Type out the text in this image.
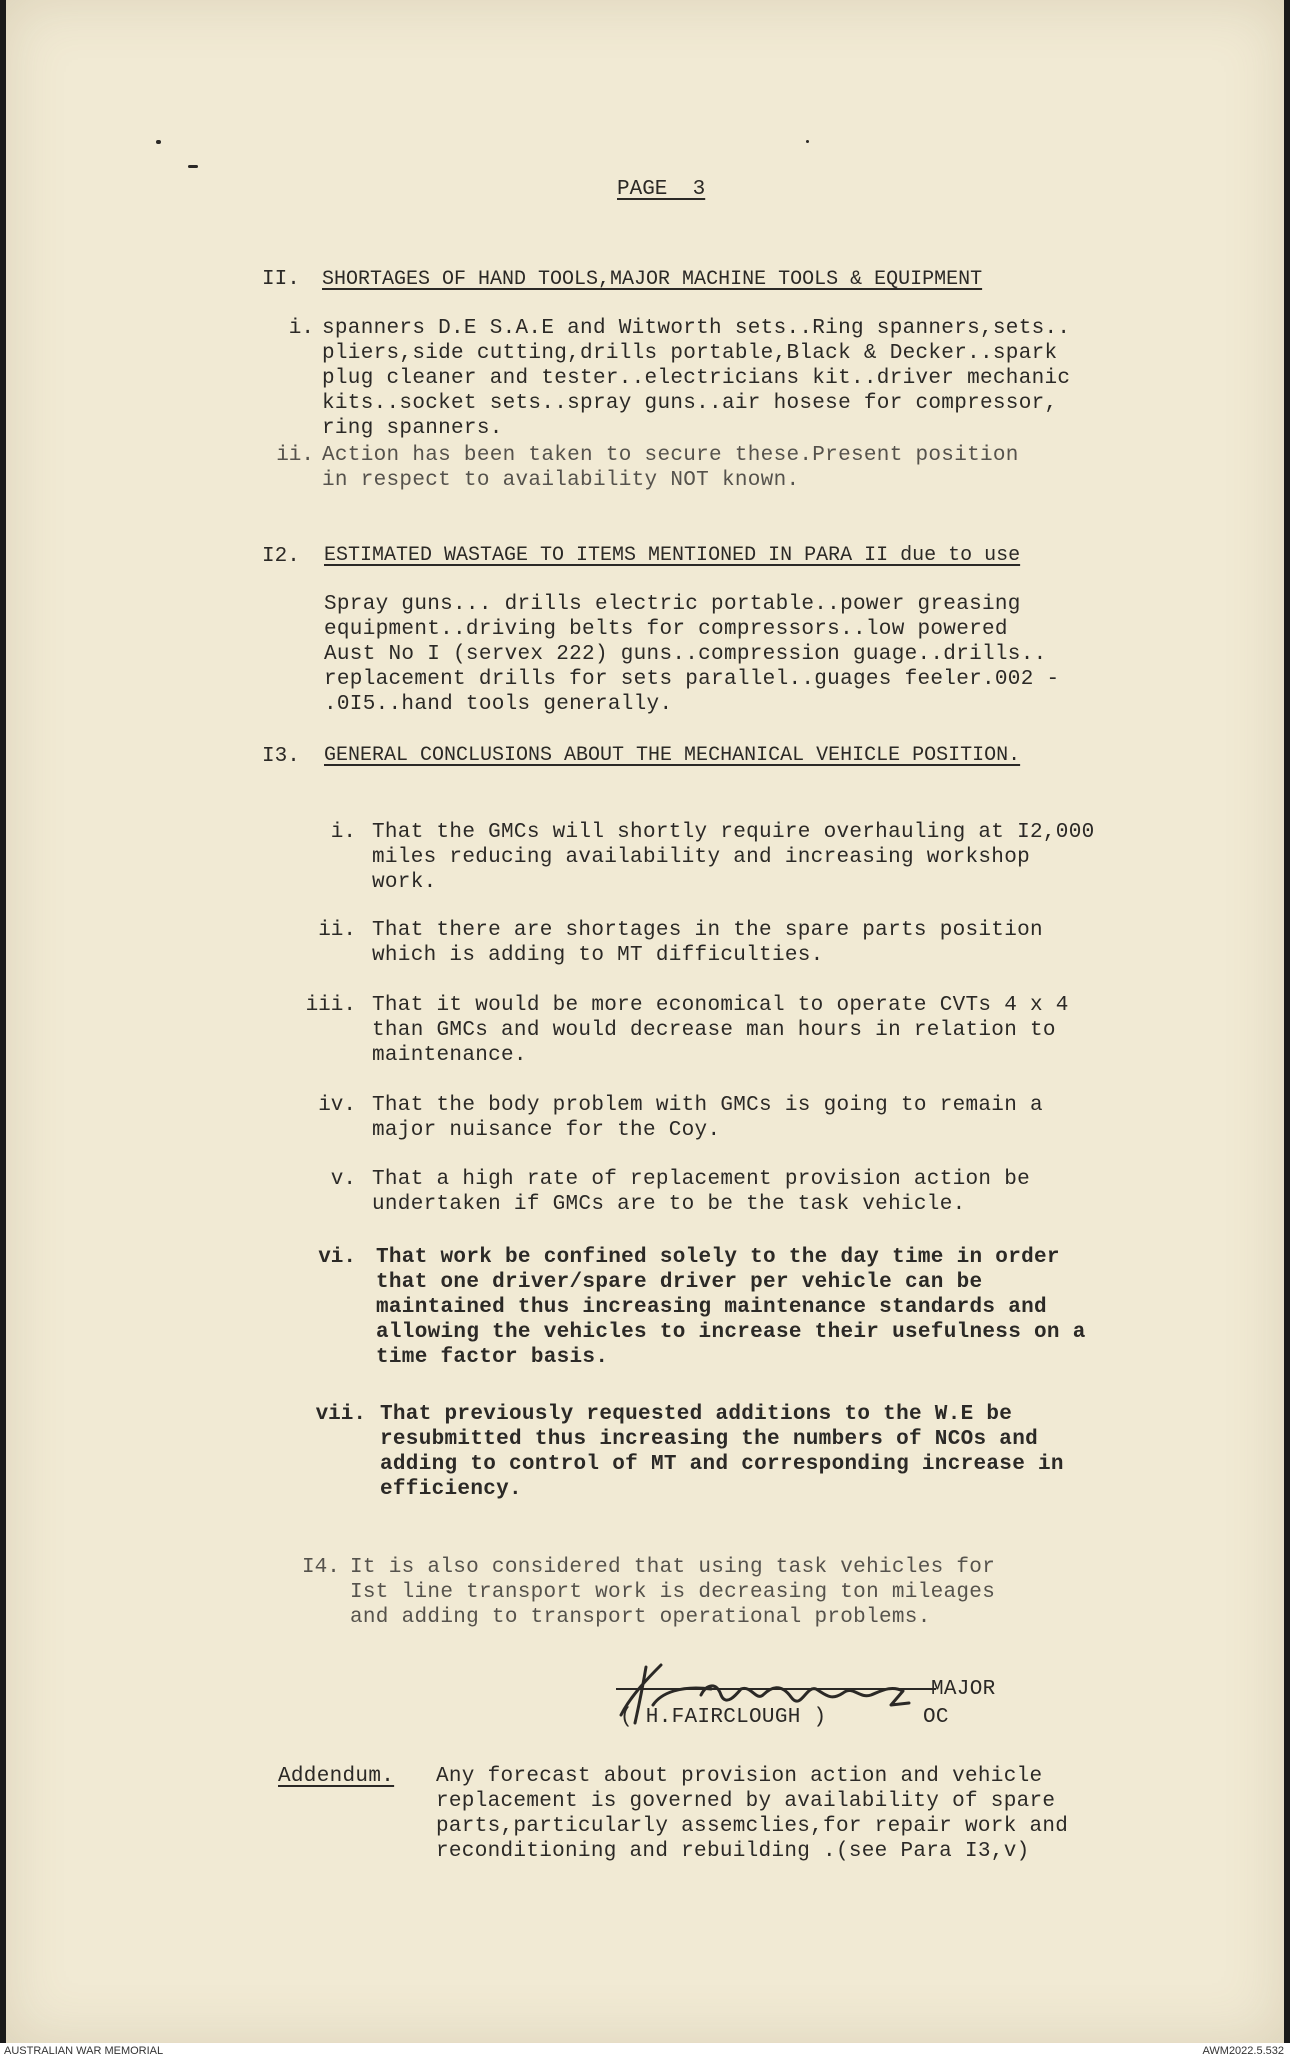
PAGE  3
II.	SHORTAGES OF HAND TOOLS,MAJOR MACHINE TOOLS & EQUIPMENT
i. spanners D.E S.A.E and Witworth sets..Ring spanners,sets..
pliers,side cutting,drills portable,Black & Decker..spark
plug cleaner and tester..electricians kit..driver mechanic
kits..socket sets..spray guns..air hosese for compressor,
ring spanners.
ii. Action has been taken to secure these.Present position
in respect to availability NOT known.
I2.	ESTIMATED WASTAGE TO ITEMS MENTIONED IN PARA II due to use
Spray guns... drills electric portable..power greasing
equipment..driving belts for compressors..low powered
Aust No I (servex 222) guns..compression guage..drills..
replacement drills for sets parallel..guages feeler.002 -
.0I5..hand tools generally.
I3.	GENERAL CONCLUSIONS ABOUT THE MECHANICAL VEHICLE POSITION.
i. That the GMCs will shortly require overhauling at I2,000
miles reducing availability and increasing workshop
work.
ii. That there are shortages in the spare parts position
which is adding to MT difficulties.
iii. That it would be more economical to operate CVTs 4 x 4
than GMCs and would decrease man hours in relation to
maintenance.
iv. That the body problem with GMCs is going to remain a
major nuisance for the Coy.
v. That a high rate of replacement provision action be
undertaken if GMCs are to be the task vehicle.
vi. That work be confined solely to the day time in order
that one driver/spare driver per vehicle can be
maintained thus increasing maintenance standards and
allowing the vehicles to increase their usefulness on a
time factor basis.
vii. That previously requested additions to the W.E be
resubmitted thus increasing the numbers of NCOs and
adding to control of MT and corresponding increase in
efficiency.
I4. It is also considered that using task vehicles for
Ist line transport work is decreasing ton mileages
and adding to transport operational problems.
MAJOR
( H.FAIRCLOUGH )	OC
Addendum. Any forecast about provision action and vehicle
replacement is governed by availability of spare
parts,particularly assemclies,for repair work and
reconditioning and rebuilding .(see Para I3,v)
AUSTRALIAN WAR MEMORIAL	AWM2022.5.532
